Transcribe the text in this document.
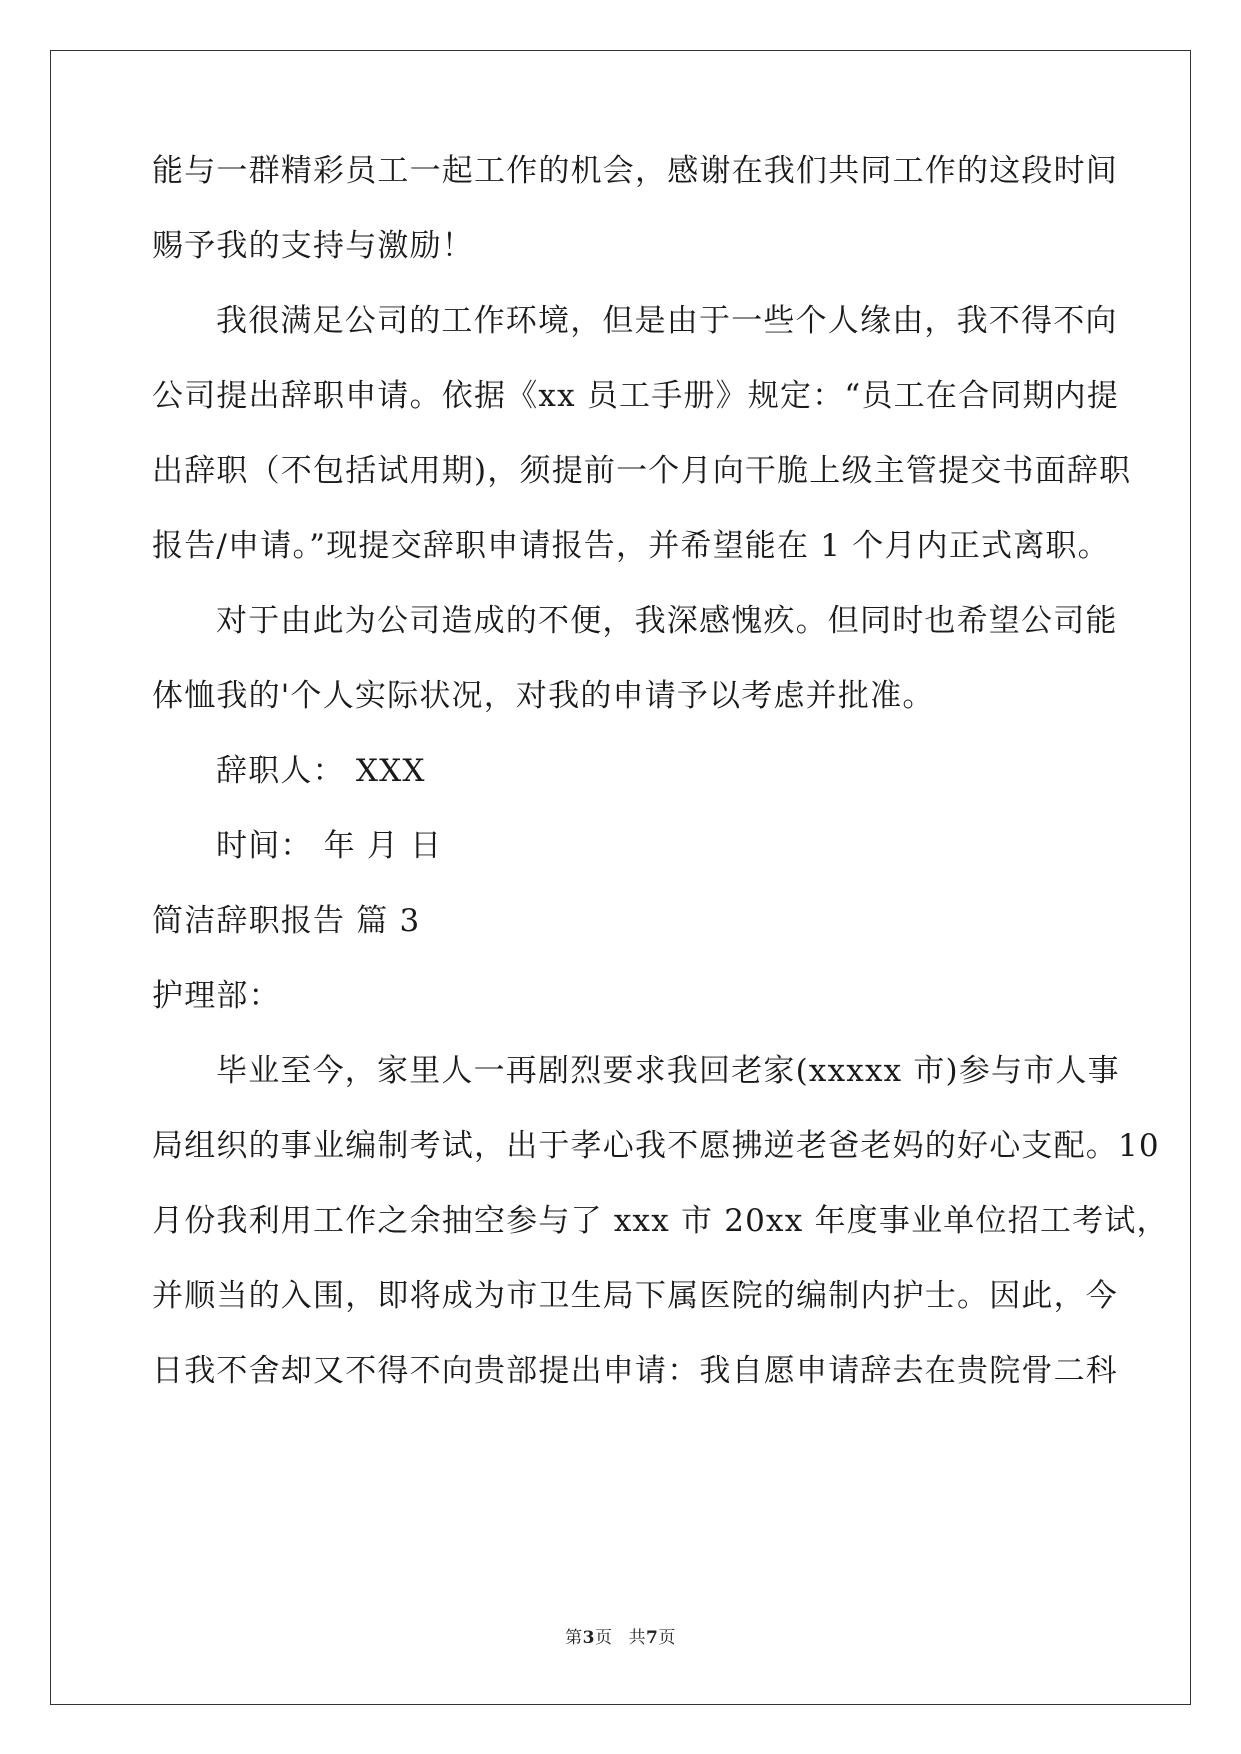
能与一群精彩员工一起工作的机会，感谢在我们共同工作的这段时间
赐予我的支持与激励！
我很满足公司的工作环境，但是由于一些个人缘由，我不得不向
公司提出辞职申请。依据《xx 员工手册》规定：“员工在合同期内提
出辞职（不包括试用期)，须提前一个月向干脆上级主管提交书面辞职
报告/申请。”现提交辞职申请报告，并希望能在 1 个月内正式离职。
对于由此为公司造成的不便，我深感愧疚。但同时也希望公司能
体恤我的'个人实际状况，对我的申请予以考虑并批准。
辞职人： XXX
时间： 年 月 日
简洁辞职报告 篇 3
护理部：
毕业至今，家里人一再剧烈要求我回老家(xxxxx 市)参与市人事
局组织的事业编制考试，出于孝心我不愿拂逆老爸老妈的好心支配。10
月份我利用工作之余抽空参与了 xxx 市 20xx 年度事业单位招工考试，
并顺当的入围，即将成为市卫生局下属医院的编制内护士。因此，今
日我不舍却又不得不向贵部提出申请：我自愿申请辞去在贵院骨二科
第3页 共7页
